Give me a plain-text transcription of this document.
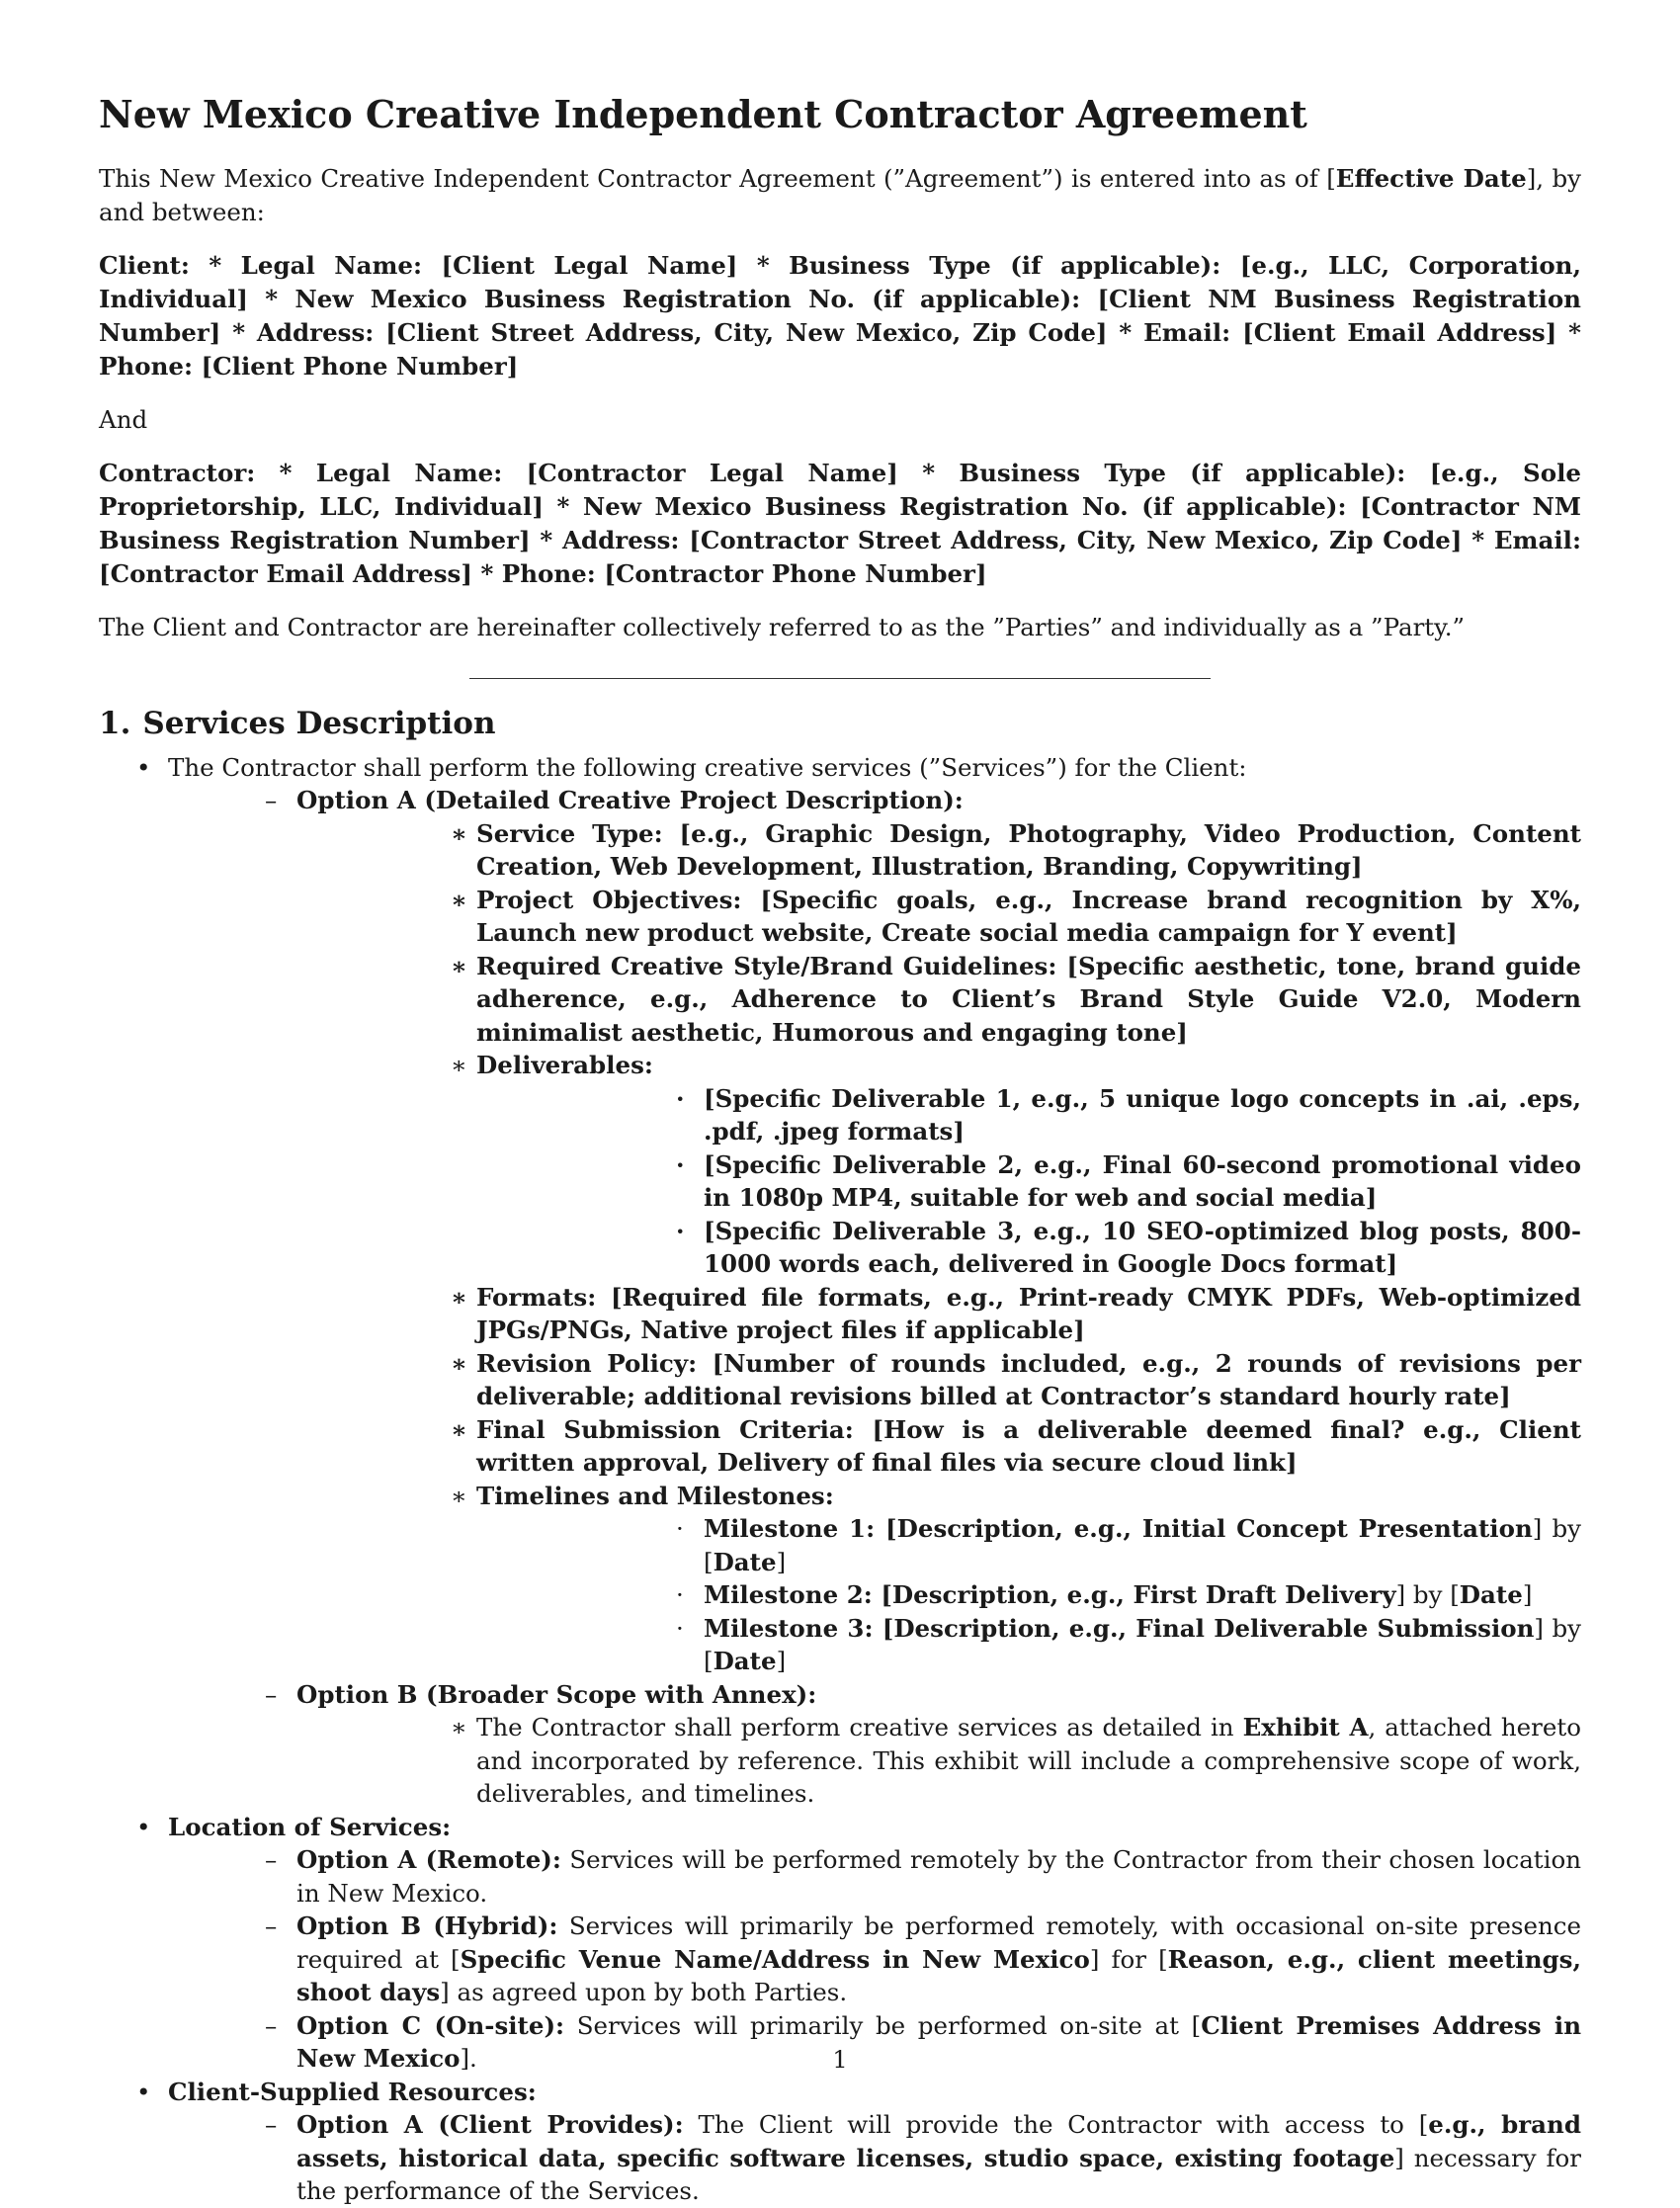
New Mexico Creative Independent Contractor Agreement

This New Mexico Creative Independent Contractor Agreement (”Agreement”) is entered into as of [Effective Date], by and between:

Client: * Legal Name: [Client Legal Name] * Business Type (if applicable): [e.g., LLC, Corporation, Individual] * New Mexico Business Registration No. (if applicable): [Client NM Business Registration Number] * Address: [Client Street Address, City, New Mexico, Zip Code] * Email: [Client Email Address] * Phone: [Client Phone Number]

And

Contractor: * Legal Name: [Contractor Legal Name] * Business Type (if applicable): [e.g., Sole Proprietorship, LLC, Individual] * New Mexico Business Registration No. (if applicable): [Contractor NM Business Registration Number] * Address: [Contractor Street Address, City, New Mexico, Zip Code] * Email: [Contractor Email Address] * Phone: [Contractor Phone Number]

The Client and Contractor are hereinafter collectively referred to as the ”Parties” and individually as a ”Party.”

1. Services Description
• The Contractor shall perform the following creative services (”Services”) for the Client:
– Option A (Detailed Creative Project Description):
∗ Service Type: [e.g., Graphic Design, Photography, Video Production, Content Creation, Web Development, Illustration, Branding, Copywriting]
∗ Project Objectives: [Specific goals, e.g., Increase brand recognition by X%, Launch new product website, Create social media campaign for Y event]
∗ Required Creative Style/Brand Guidelines: [Specific aesthetic, tone, brand guide adherence, e.g., Adherence to Client’s Brand Style Guide V2.0, Modern minimalist aesthetic, Humorous and engaging tone]
∗ Deliverables:
· [Specific Deliverable 1, e.g., 5 unique logo concepts in .ai, .eps, .pdf, .jpeg formats]
· [Specific Deliverable 2, e.g., Final 60-second promotional video in 1080p MP4, suitable for web and social media]
· [Specific Deliverable 3, e.g., 10 SEO-optimized blog posts, 800-1000 words each, delivered in Google Docs format]
∗ Formats: [Required file formats, e.g., Print-ready CMYK PDFs, Web-optimized JPGs/PNGs, Native project files if applicable]
∗ Revision Policy: [Number of rounds included, e.g., 2 rounds of revisions per deliverable; additional revisions billed at Contractor’s standard hourly rate]
∗ Final Submission Criteria: [How is a deliverable deemed final? e.g., Client written approval, Delivery of final files via secure cloud link]
∗ Timelines and Milestones:
· Milestone 1: [Description, e.g., Initial Concept Presentation] by [Date]
· Milestone 2: [Description, e.g., First Draft Delivery] by [Date]
· Milestone 3: [Description, e.g., Final Deliverable Submission] by [Date]
– Option B (Broader Scope with Annex):
∗ The Contractor shall perform creative services as detailed in Exhibit A, attached hereto and incorporated by reference. This exhibit will include a comprehensive scope of work, deliverables, and timelines.
• Location of Services:
– Option A (Remote): Services will be performed remotely by the Contractor from their chosen location in New Mexico.
– Option B (Hybrid): Services will primarily be performed remotely, with occasional on-site presence required at [Specific Venue Name/Address in New Mexico] for [Reason, e.g., client meetings, shoot days] as agreed upon by both Parties.
– Option C (On-site): Services will primarily be performed on-site at [Client Premises Address in New Mexico].
• Client-Supplied Resources:
– Option A (Client Provides): The Client will provide the Contractor with access to [e.g., brand assets, historical data, specific software licenses, studio space, existing footage] necessary for the performance of the Services.
1
